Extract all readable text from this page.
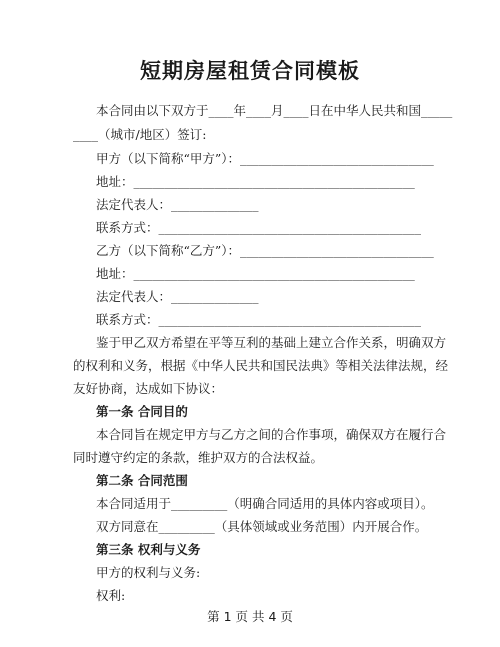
短期房屋租赁合同模板
本合同由以下双方于____年____月____日在中华人民共和国_____
____（城市/地区）签订:
甲方（以下简称“甲方”）：_______________________________
地址：_____________________________________________
法定代表人：______________
联系方式：__________________________________________
乙方（以下简称“乙方”）：_______________________________
地址：_____________________________________________
法定代表人：______________
联系方式：__________________________________________
鉴于甲乙双方希望在平等互利的基础上建立合作关系，明确双方
的权利和义务，根据《中华人民共和国民法典》等相关法律法规，经
友好协商，达成如下协议：
第一条 合同目的
本合同旨在规定甲方与乙方之间的合作事项，确保双方在履行合
同时遵守约定的条款，维护双方的合法权益。
第二条 合同范围
本合同适用于_________（明确合同适用的具体内容或项目）。
双方同意在_________（具体领域或业务范围）内开展合作。
第三条 权利与义务
甲方的权利与义务:
权利:
第 1 页 共 4 页
